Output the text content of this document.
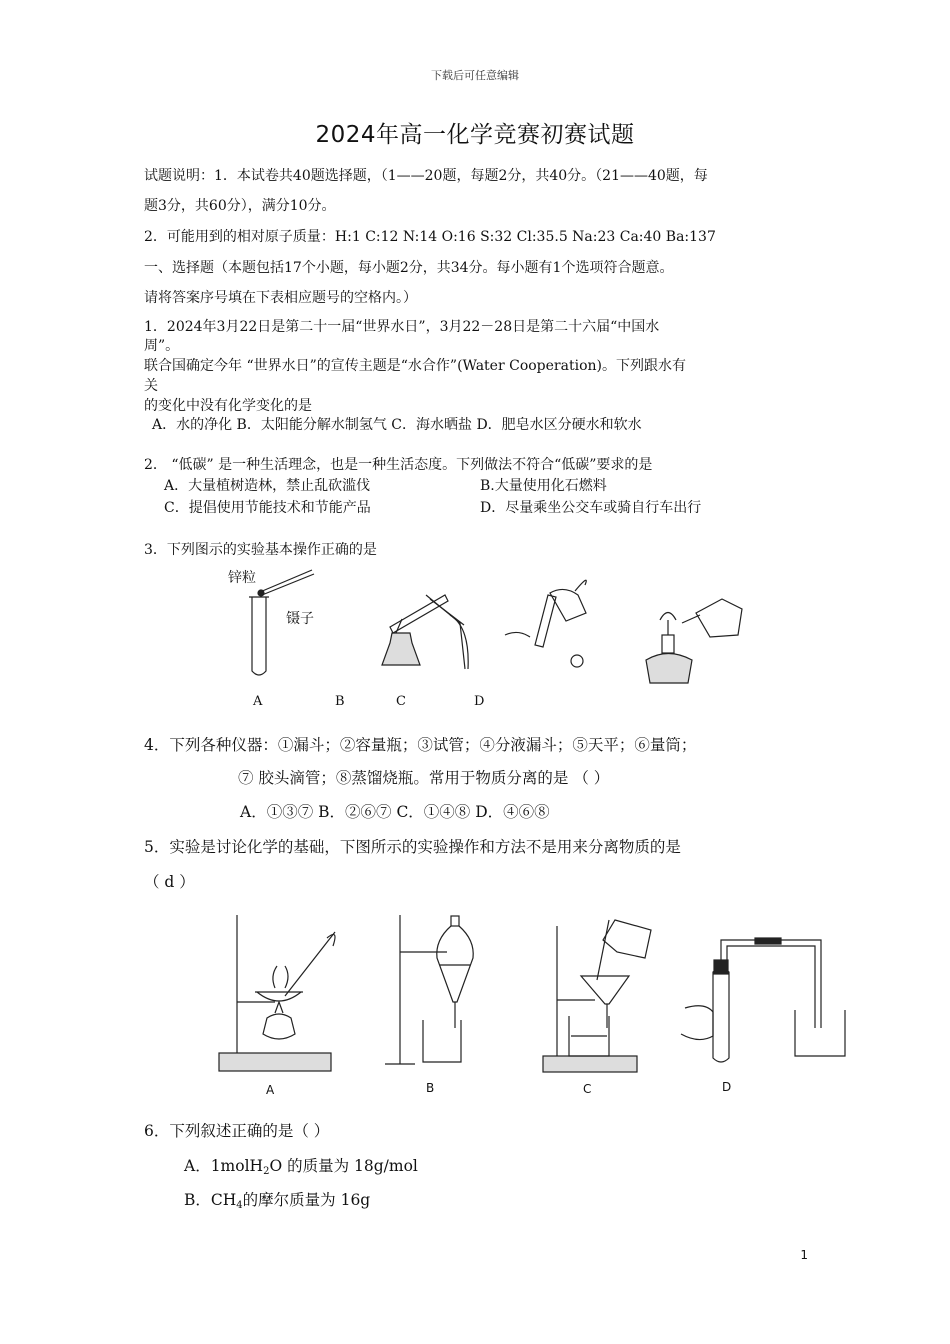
下载后可任意编辑
2024年高一化学竞赛初赛试题
试题说明：1．本试卷共40题选择题，（1——20题，每题2分，共40分。（21——40题，每
题3分，共60分），满分10分。
2．可能用到的相对原子质量：H:1 C:12 N:14 O:16 S:32 Cl:35.5 Na:23 Ca:40 Ba:137
一、选择题（本题包括17个小题，每小题2分，共34分。每小题有1个选项符合题意。
请将答案序号填在下表相应题号的空格内。）
1．2024年3月22日是第二十一届“世界水日”，3月22－28日是第二十六届“中国水
周”。
联合国确定今年 “世界水日”的宣传主题是“水合作”(Water Cooperation)。下列跟水有
关
的变化中没有化学变化的是
A．水的净化 B．太阳能分解水制氢气 C．海水晒盐 D．肥皂水区分硬水和软水
2． “低碳” 是一种生活理念，也是一种生活态度。下列做法不符合“低碳”要求的是
A．大量植树造林，禁止乱砍滥伐	B.大量使用化石燃料
C．提倡使用节能技术和节能产品	D．尽量乘坐公交车或骑自行车出行
3．下列图示的实验基本操作正确的是
锌粒
镊子
A	B	C	D
4．下列各种仪器：①漏斗；②容量瓶；③试管；④分液漏斗；⑤天平；⑥量筒；
⑦ 胶头滴管；⑧蒸馏烧瓶。常用于物质分离的是 （ ）
A．①③⑦ B．②⑥⑦ C．①④⑧ D．④⑥⑧
5．实验是讨论化学的基础，下图所示的实验操作和方法不是用来分离物质的是
（ d ）
A	B	C	D
6．下列叙述正确的是（ ）
A．1molH$_2$O 的质量为 18g/mol
B．$CH_4$的摩尔质量为 16g
1
